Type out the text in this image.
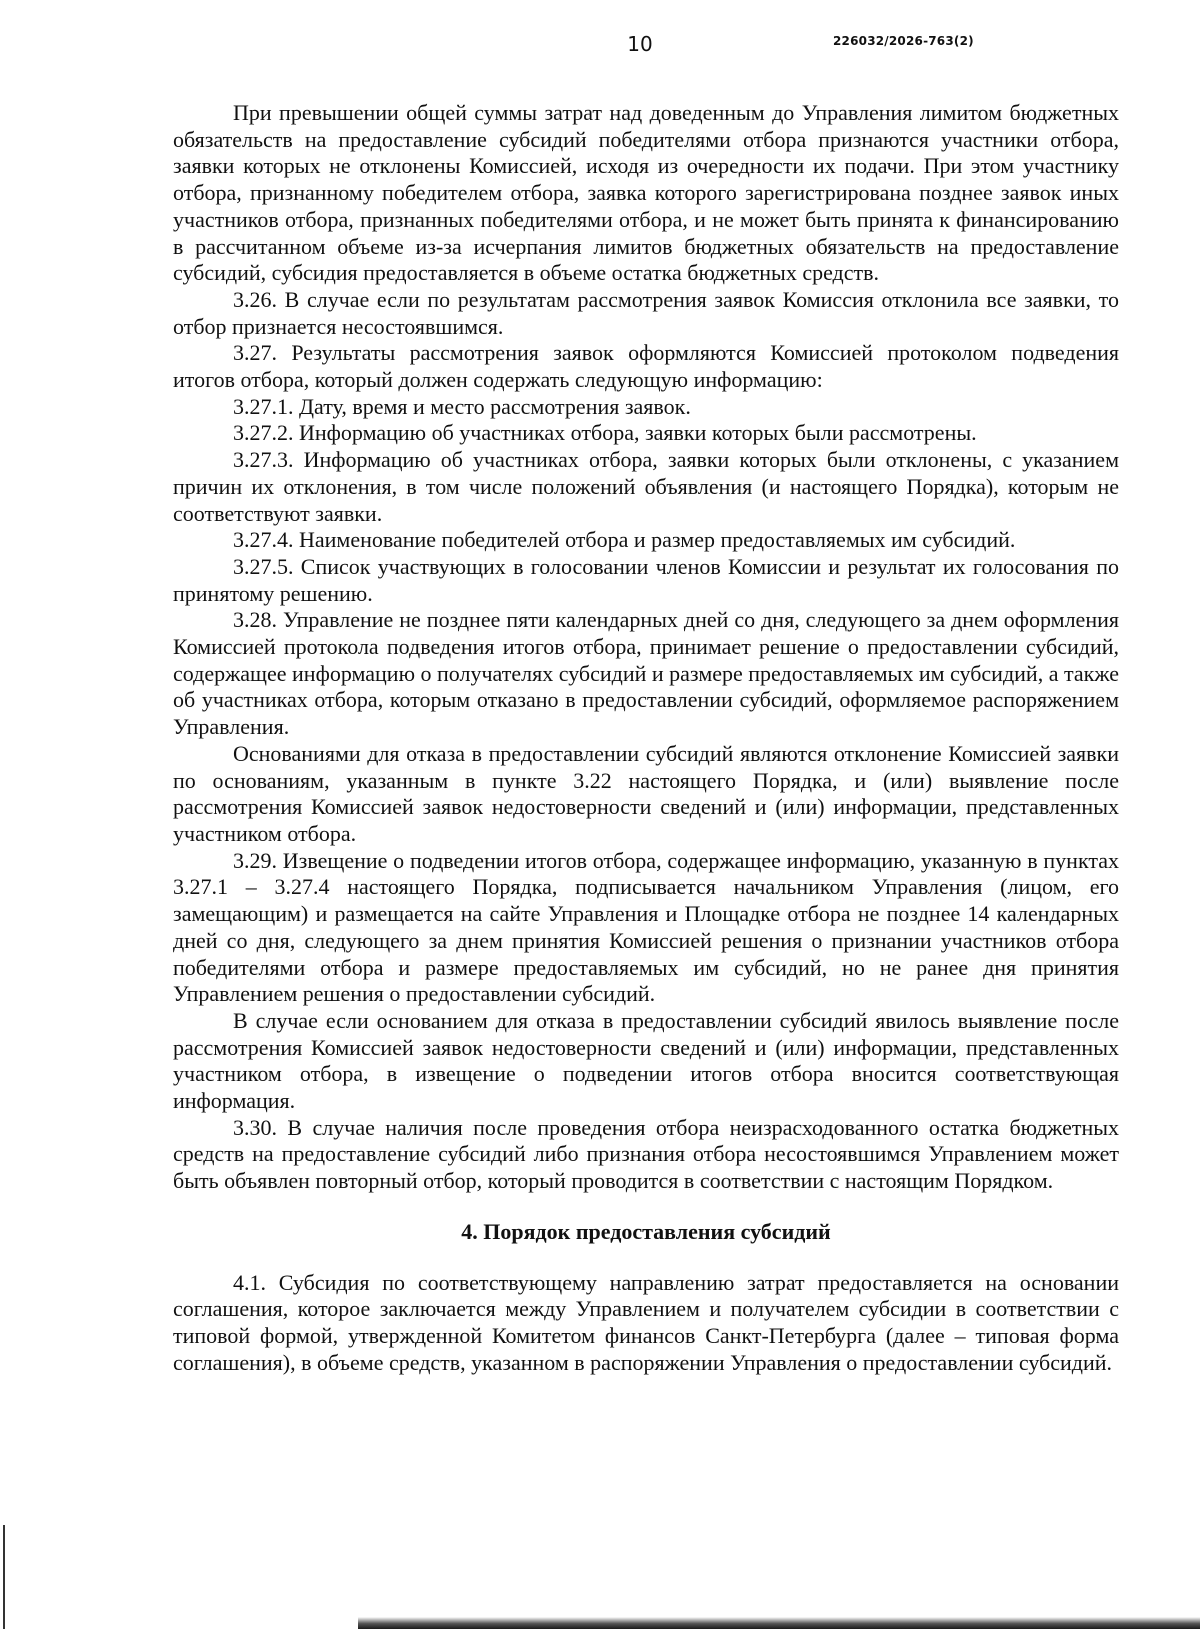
10	226032/2026-763(2)

При превышении общей суммы затрат над доведенным до Управления лимитом бюджетных обязательств на предоставление субсидий победителями отбора признаются участники отбора, заявки которых не отклонены Комиссией, исходя из очередности их подачи. При этом участнику отбора, признанному победителем отбора, заявка которого зарегистрирована позднее заявок иных участников отбора, признанных победителями отбора, и не может быть принята к финансированию в рассчитанном объеме из-за исчерпания лимитов бюджетных обязательств на предоставление субсидий, субсидия предоставляется в объеме остатка бюджетных средств.

3.26. В случае если по результатам рассмотрения заявок Комиссия отклонила все заявки, то отбор признается несостоявшимся.

3.27. Результаты рассмотрения заявок оформляются Комиссией протоколом подведения итогов отбора, который должен содержать следующую информацию:

3.27.1. Дату, время и место рассмотрения заявок.

3.27.2. Информацию об участниках отбора, заявки которых были рассмотрены.

3.27.3. Информацию об участниках отбора, заявки которых были отклонены, с указанием причин их отклонения, в том числе положений объявления (и настоящего Порядка), которым не соответствуют заявки.

3.27.4. Наименование победителей отбора и размер предоставляемых им субсидий.

3.27.5. Список участвующих в голосовании членов Комиссии и результат их голосования по принятому решению.

3.28. Управление не позднее пяти календарных дней со дня, следующего за днем оформления Комиссией протокола подведения итогов отбора, принимает решение о предоставлении субсидий, содержащее информацию о получателях субсидий и размере предоставляемых им субсидий, а также об участниках отбора, которым отказано в предоставлении субсидий, оформляемое распоряжением Управления.

Основаниями для отказа в предоставлении субсидий являются отклонение Комиссией заявки по основаниям, указанным в пункте 3.22 настоящего Порядка, и (или) выявление после рассмотрения Комиссией заявок недостоверности сведений и (или) информации, представленных участником отбора.

3.29. Извещение о подведении итогов отбора, содержащее информацию, указанную в пунктах 3.27.1 – 3.27.4 настоящего Порядка, подписывается начальником Управления (лицом, его замещающим) и размещается на сайте Управления и Площадке отбора не позднее 14 календарных дней со дня, следующего за днем принятия Комиссией решения о признании участников отбора победителями отбора и размере предоставляемых им субсидий, но не ранее дня принятия Управлением решения о предоставлении субсидий.

В случае если основанием для отказа в предоставлении субсидий явилось выявление после рассмотрения Комиссией заявок недостоверности сведений и (или) информации, представленных участником отбора, в извещение о подведении итогов отбора вносится соответствующая информация.

3.30. В случае наличия после проведения отбора неизрасходованного остатка бюджетных средств на предоставление субсидий либо признания отбора несостоявшимся Управлением может быть объявлен повторный отбор, который проводится в соответствии с настоящим Порядком.

4. Порядок предоставления субсидий

4.1. Субсидия по соответствующему направлению затрат предоставляется на основании соглашения, которое заключается между Управлением и получателем субсидии в соответствии с типовой формой, утвержденной Комитетом финансов Санкт-Петербурга (далее – типовая форма соглашения), в объеме средств, указанном в распоряжении Управления о предоставлении субсидий.
